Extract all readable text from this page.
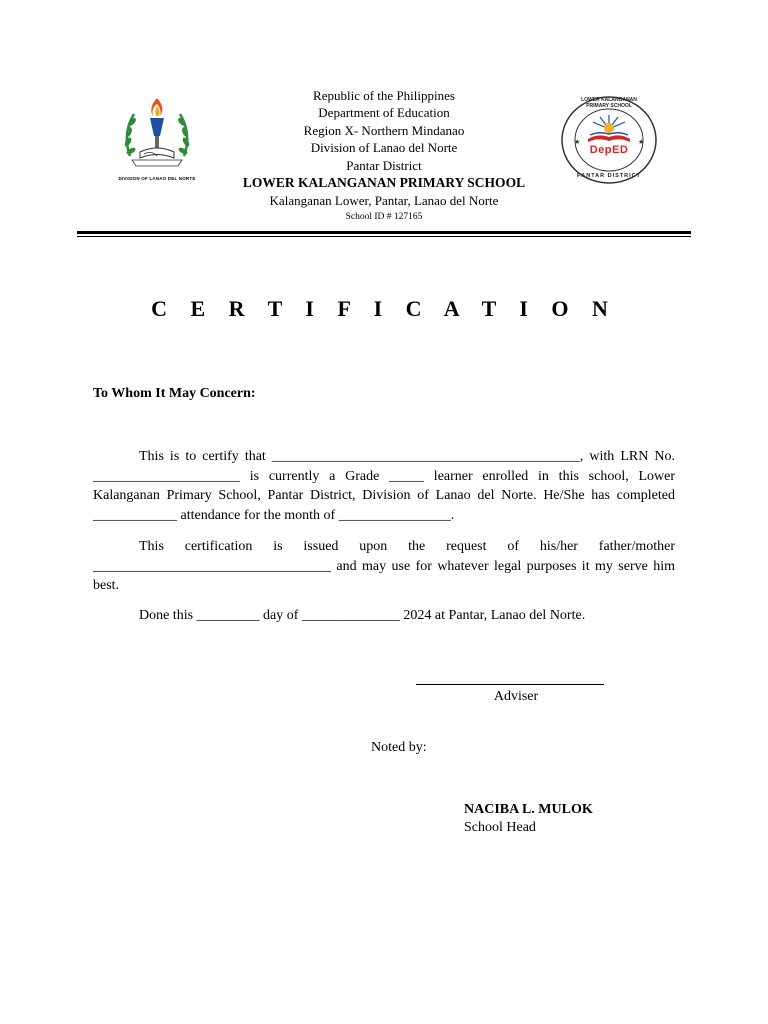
DIVISION OF LANAO DEL NORTE
★	★
LOWER KALANGANAN PRIMARY SCHOOL
DepED
PANTAR DISTRICT
Republic of the Philippines
Department of Education
Region X- Northern Mindanao
Division of Lanao del Norte
Pantar District
LOWER KALANGANAN PRIMARY SCHOOL
Kalanganan Lower, Pantar, Lanao del Norte
School ID # 127165
C E R T I F I C A T I O N
To Whom It May Concern:
This is to certify that ____________________________________________, with LRN No. _____________________ is currently a Grade _____ learner enrolled in this school, Lower Kalanganan Primary School, Pantar District, Division of Lanao del Norte. He/She has completed ____________ attendance for the month of ________________.
This certification is issued upon the request of his/her father/mother __________________________________ and may use for whatever legal purposes it my serve him best.
Done this _________ day of ______________ 2024 at Pantar, Lanao del Norte.
Adviser
Noted by:
NACIBA L. MULOK
School Head
